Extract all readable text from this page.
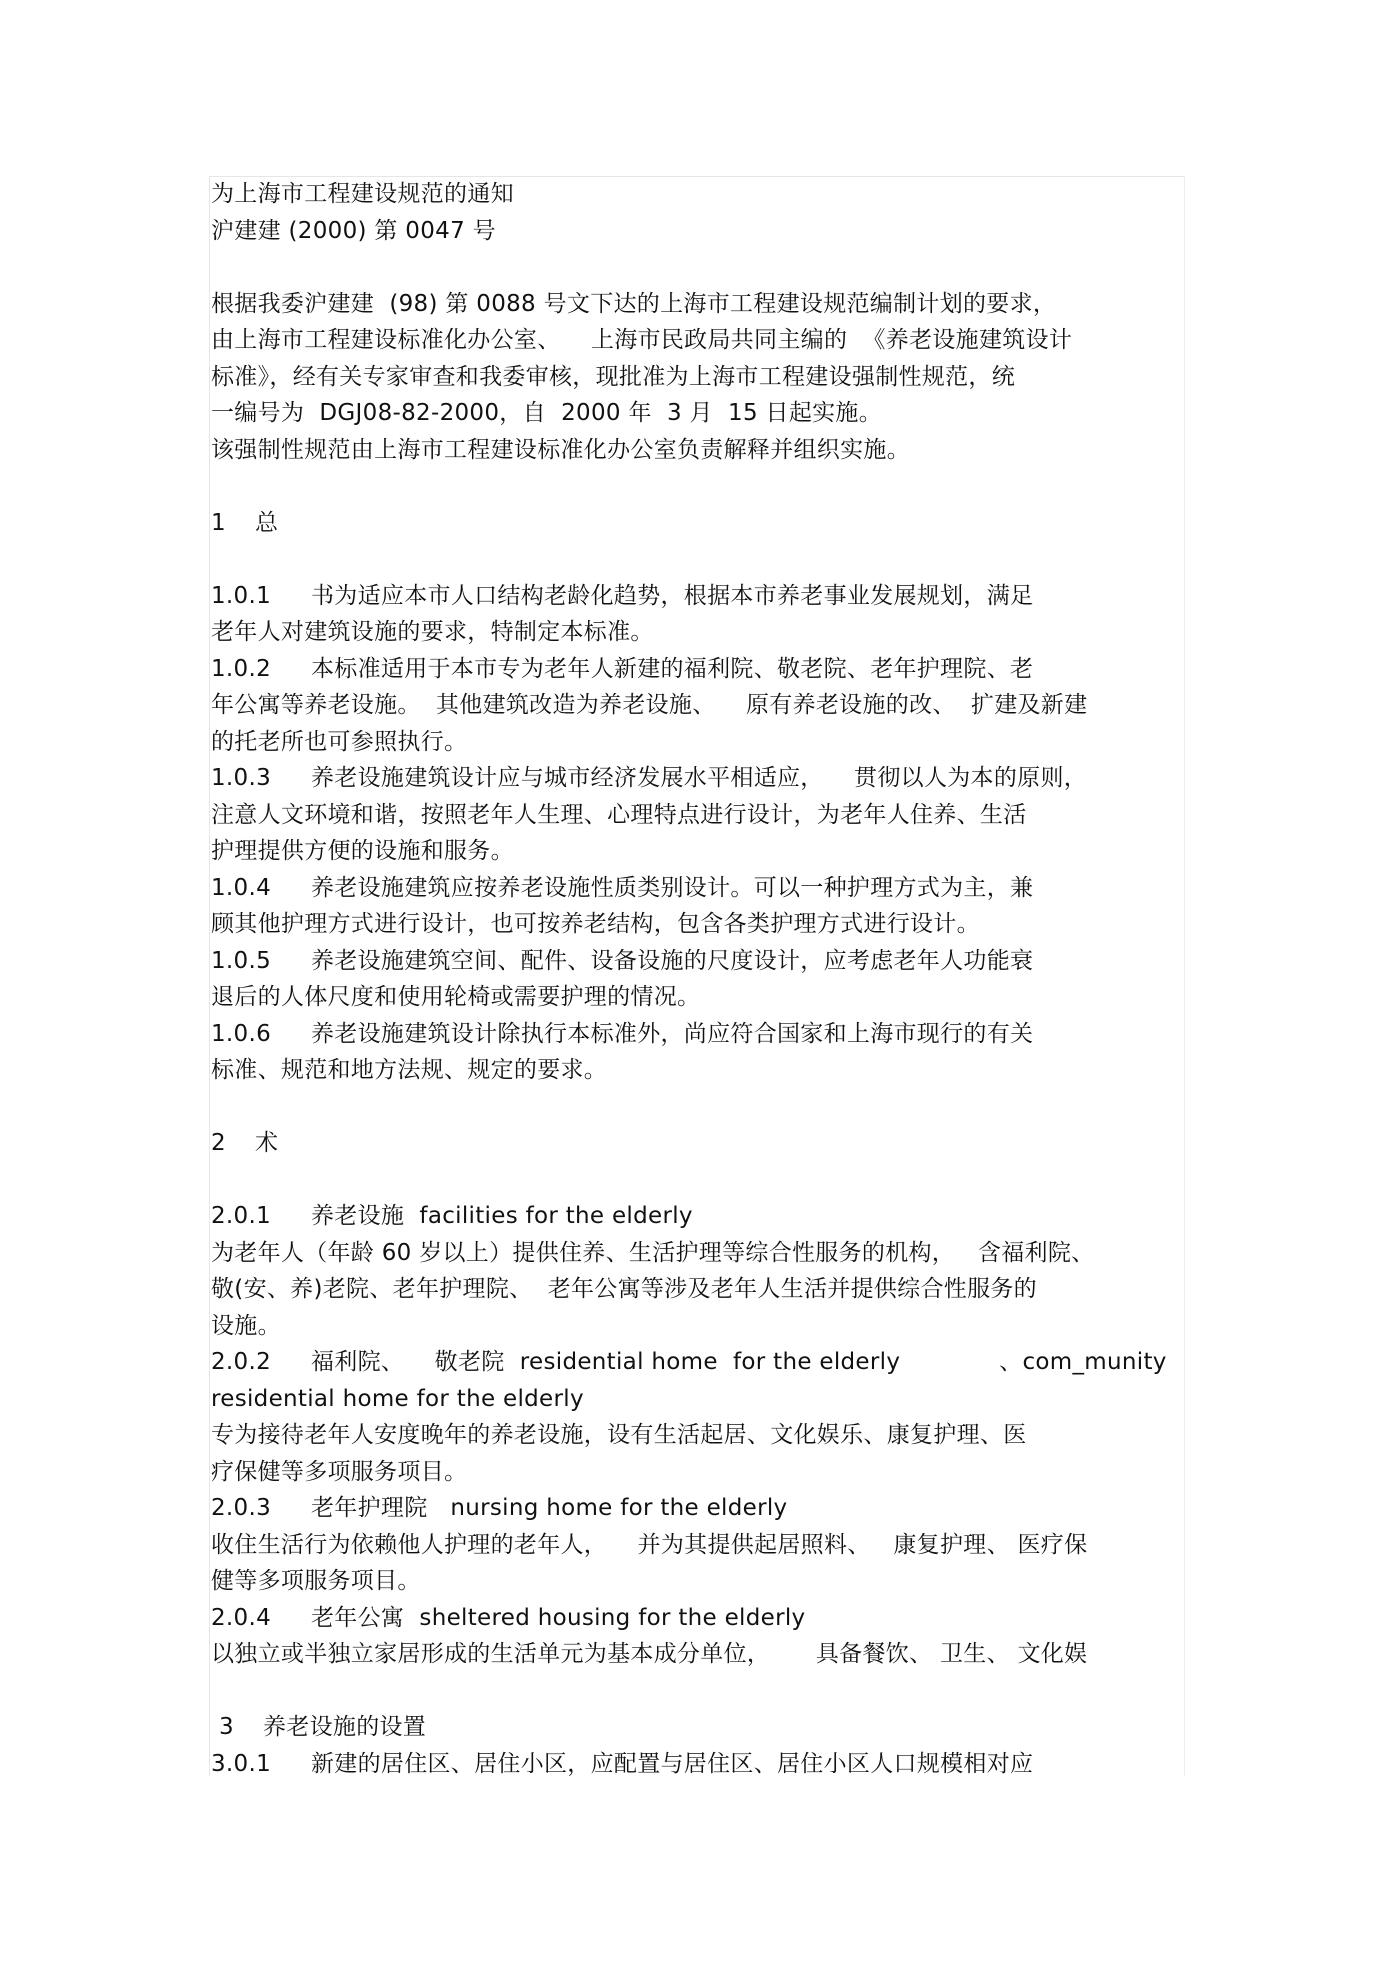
为上海市工程建设规范的通知
沪建建 (2000) 第 0047 号
根据我委沪建建  (98) 第 0088 号文下达的上海市工程建设规范编制计划的要求，
由上海市工程建设标准化办公室、    上海市民政局共同主编的  《养老设施建筑设计
标准》，经有关专家审查和我委审核，现批准为上海市工程建设强制性规范，统
一编号为  DGJ08-82-2000，自  2000 年  3 月  15 日起实施。
该强制性规范由上海市工程建设标准化办公室负责解释并组织实施。
1 总
1.0.1 书为适应本市人口结构老龄化趋势，根据本市养老事业发展规划，满足
老年人对建筑设施的要求，特制定本标准。
1.0.2 本标准适用于本市专为老年人新建的福利院、敬老院、老年护理院、老
年公寓等养老设施。  其他建筑改造为养老设施、    原有养老设施的改、  扩建及新建
的托老所也可参照执行。
1.0.3 养老设施建筑设计应与城市经济发展水平相适应，    贯彻以人为本的原则，
注意人文环境和谐，按照老年人生理、心理特点进行设计，为老年人住养、生活
护理提供方便的设施和服务。
1.0.4 养老设施建筑应按养老设施性质类别设计。可以一种护理方式为主，兼
顾其他护理方式进行设计，也可按养老结构，包含各类护理方式进行设计。
1.0.5 养老设施建筑空间、配件、设备设施的尺度设计，应考虑老年人功能衰
退后的人体尺度和使用轮椅或需要护理的情况。
1.0.6 养老设施建筑设计除执行本标准外，尚应符合国家和上海市现行的有关
标准、规范和地方法规、规定的要求。
2 术
2.0.1 养老设施  facilities for the elderly
为老年人（年龄 60 岁以上）提供住养、生活护理等综合性服务的机构，   含福利院、
敬(安、养)老院、老年护理院、  老年公寓等涉及老年人生活并提供综合性服务的
设施。
2.0.2 福利院、    敬老院  residential home  for the elderly             、com_munity
residential home for the elderly
专为接待老年人安度晚年的养老设施，设有生活起居、文化娱乐、康复护理、医
疗保健等多项服务项目。
2.0.3 老年护理院   nursing home for the elderly
收住生活行为依赖他人护理的老年人，    并为其提供起居照料、   康复护理、 医疗保
健等多项服务项目。
2.0.4 老年公寓  sheltered housing for the elderly
以独立或半独立家居形成的生活单元为基本成分单位，      具备餐饮、 卫生、 文化娱
3 养老设施的设置
3.0.1 新建的居住区、居住小区，应配置与居住区、居住小区人口规模相对应
